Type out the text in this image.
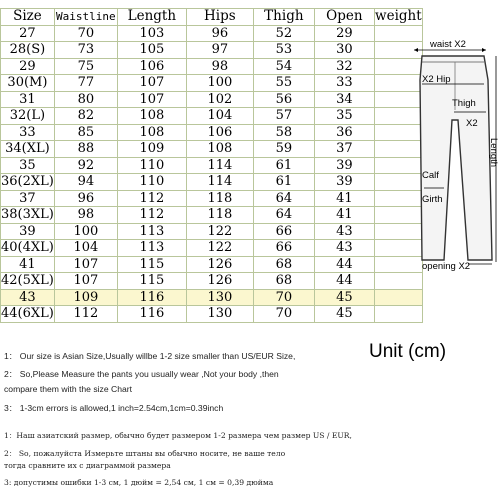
Size	Waistline	Length	Hips	Thigh	Open	weight
27	70	103	96	52	29	
28(S)	73	105	97	53	30	
29	75	106	98	54	32	
30(M)	77	107	100	55	33	
31	80	107	102	56	34	
32(L)	82	108	104	57	35	
33	85	108	106	58	36	
34(XL)	88	109	108	59	37	
35	92	110	114	61	39	
36(2XL)	94	110	114	61	39	
37	96	112	118	64	41	
38(3XL)	98	112	118	64	41	
39	100	113	122	66	43	
40(4XL)	104	113	122	66	43	
41	107	115	126	68	44	
42(5XL)	107	115	126	68	44	
43	109	116	130	70	45	
44(6XL)	112	116	130	70	45	
waist X2
X2 Hip
Thigh
X2
Length
Calf
Girth
opening X2
Unit (cm)

1： Our size is Asian Size,Usually willbe 1-2 size smaller than US/EUR Size,

2： So,Please Measure the pants you usually wear ,Not your body ,then

compare them with the size Chart

3： 1-3cm errors is allowed,1 inch=2.54cm,1cm=0.39inch

1：Наш азиатский размер, обычно будет размером 1-2 размера чем размер US / EUR,

2： So, пожалуйста Измерьте штаны вы обычно носите, не ваше тело

тогда сравните их с диаграммой размера

3: допустимы ошибки 1-3 см, 1 дюйм = 2,54 см, 1 см = 0,39 дюйма
